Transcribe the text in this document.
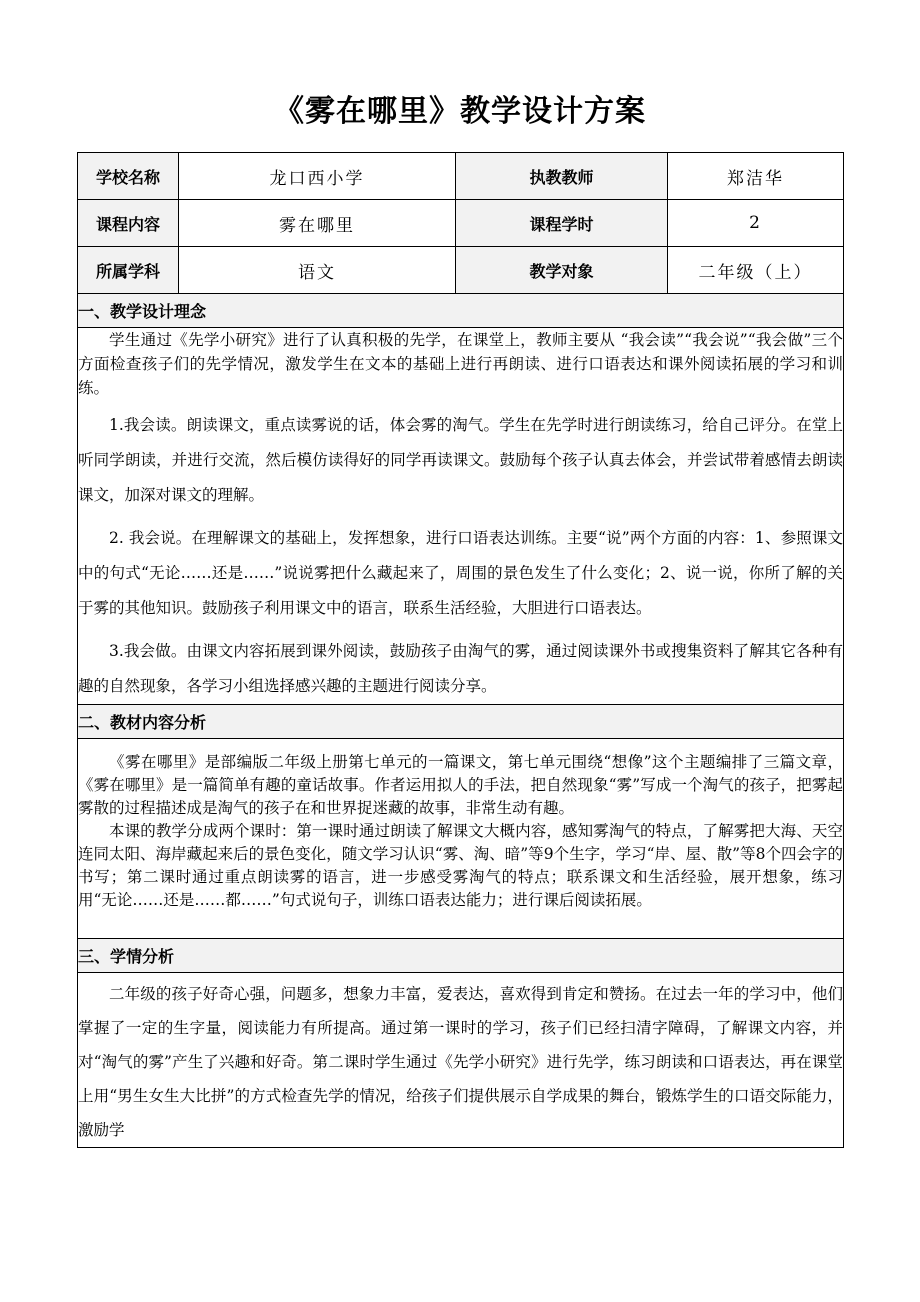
《雾在哪里》教学设计方案
学校名称	龙口西小学	执教教师	郑洁华
课程内容	雾在哪里	课程学时	2
所属学科	语文	教学对象	二年级（上）
一、教学设计理念			

学生通过《先学小研究》进行了认真积极的先学，在课堂上，教师主要从 “我会读”“我会说”“我会做”三个方面检查孩子们的先学情况，激发学生在文本的基础上进行再朗读、进行口语表达和课外阅读拓展的学习和训练。

1.我会读。朗读课文，重点读雾说的话，体会雾的淘气。学生在先学时进行朗读练习，给自己评分。在堂上听同学朗读，并进行交流，然后模仿读得好的同学再读课文。鼓励每个孩子认真去体会，并尝试带着感情去朗读课文，加深对课文的理解。

2. 我会说。在理解课文的基础上，发挥想象，进行口语表达训练。主要“说”两个方面的内容：1、参照课文中的句式“无论……还是……”说说雾把什么藏起来了，周围的景色发生了什么变化；2、说一说，你所了解的关于雾的其他知识。鼓励孩子利用课文中的语言，联系生活经验，大胆进行口语表达。

3.我会做。由课文内容拓展到课外阅读，鼓励孩子由淘气的雾，通过阅读课外书或搜集资料了解其它各种有趣的自然现象，各学习小组选择感兴趣的主题进行阅读分享。			

二、教材内容分析			

《雾在哪里》是部编版二年级上册第七单元的一篇课文，第七单元围绕“想像”这个主题编排了三篇文章，《雾在哪里》是一篇简单有趣的童话故事。作者运用拟人的手法，把自然现象“雾”写成一个淘气的孩子，把雾起雾散的过程描述成是淘气的孩子在和世界捉迷藏的故事，非常生动有趣。

本课的教学分成两个课时：第一课时通过朗读了解课文大概内容，感知雾淘气的特点，了解雾把大海、天空连同太阳、海岸藏起来后的景色变化，随文学习认识“雾、淘、暗”等9个生字，学习“岸、屋、散”等8个四会字的书写；第二课时通过重点朗读雾的语言，进一步感受雾淘气的特点；联系课文和生活经验，展开想象，练习用“无论……还是……都……”句式说句子，训练口语表达能力；进行课后阅读拓展。			

三、学情分析			

二年级的孩子好奇心强，问题多，想象力丰富，爱表达，喜欢得到肯定和赞扬。在过去一年的学习中，他们掌握了一定的生字量，阅读能力有所提高。通过第一课时的学习，孩子们已经扫清字障碍，了解课文内容，并对“淘气的雾”产生了兴趣和好奇。第二课时学生通过《先学小研究》进行先学，练习朗读和口语表达，再在课堂上用“男生女生大比拼”的方式检查先学的情况，给孩子们提供展示自学成果的舞台，锻炼学生的口语交际能力，激励学			
